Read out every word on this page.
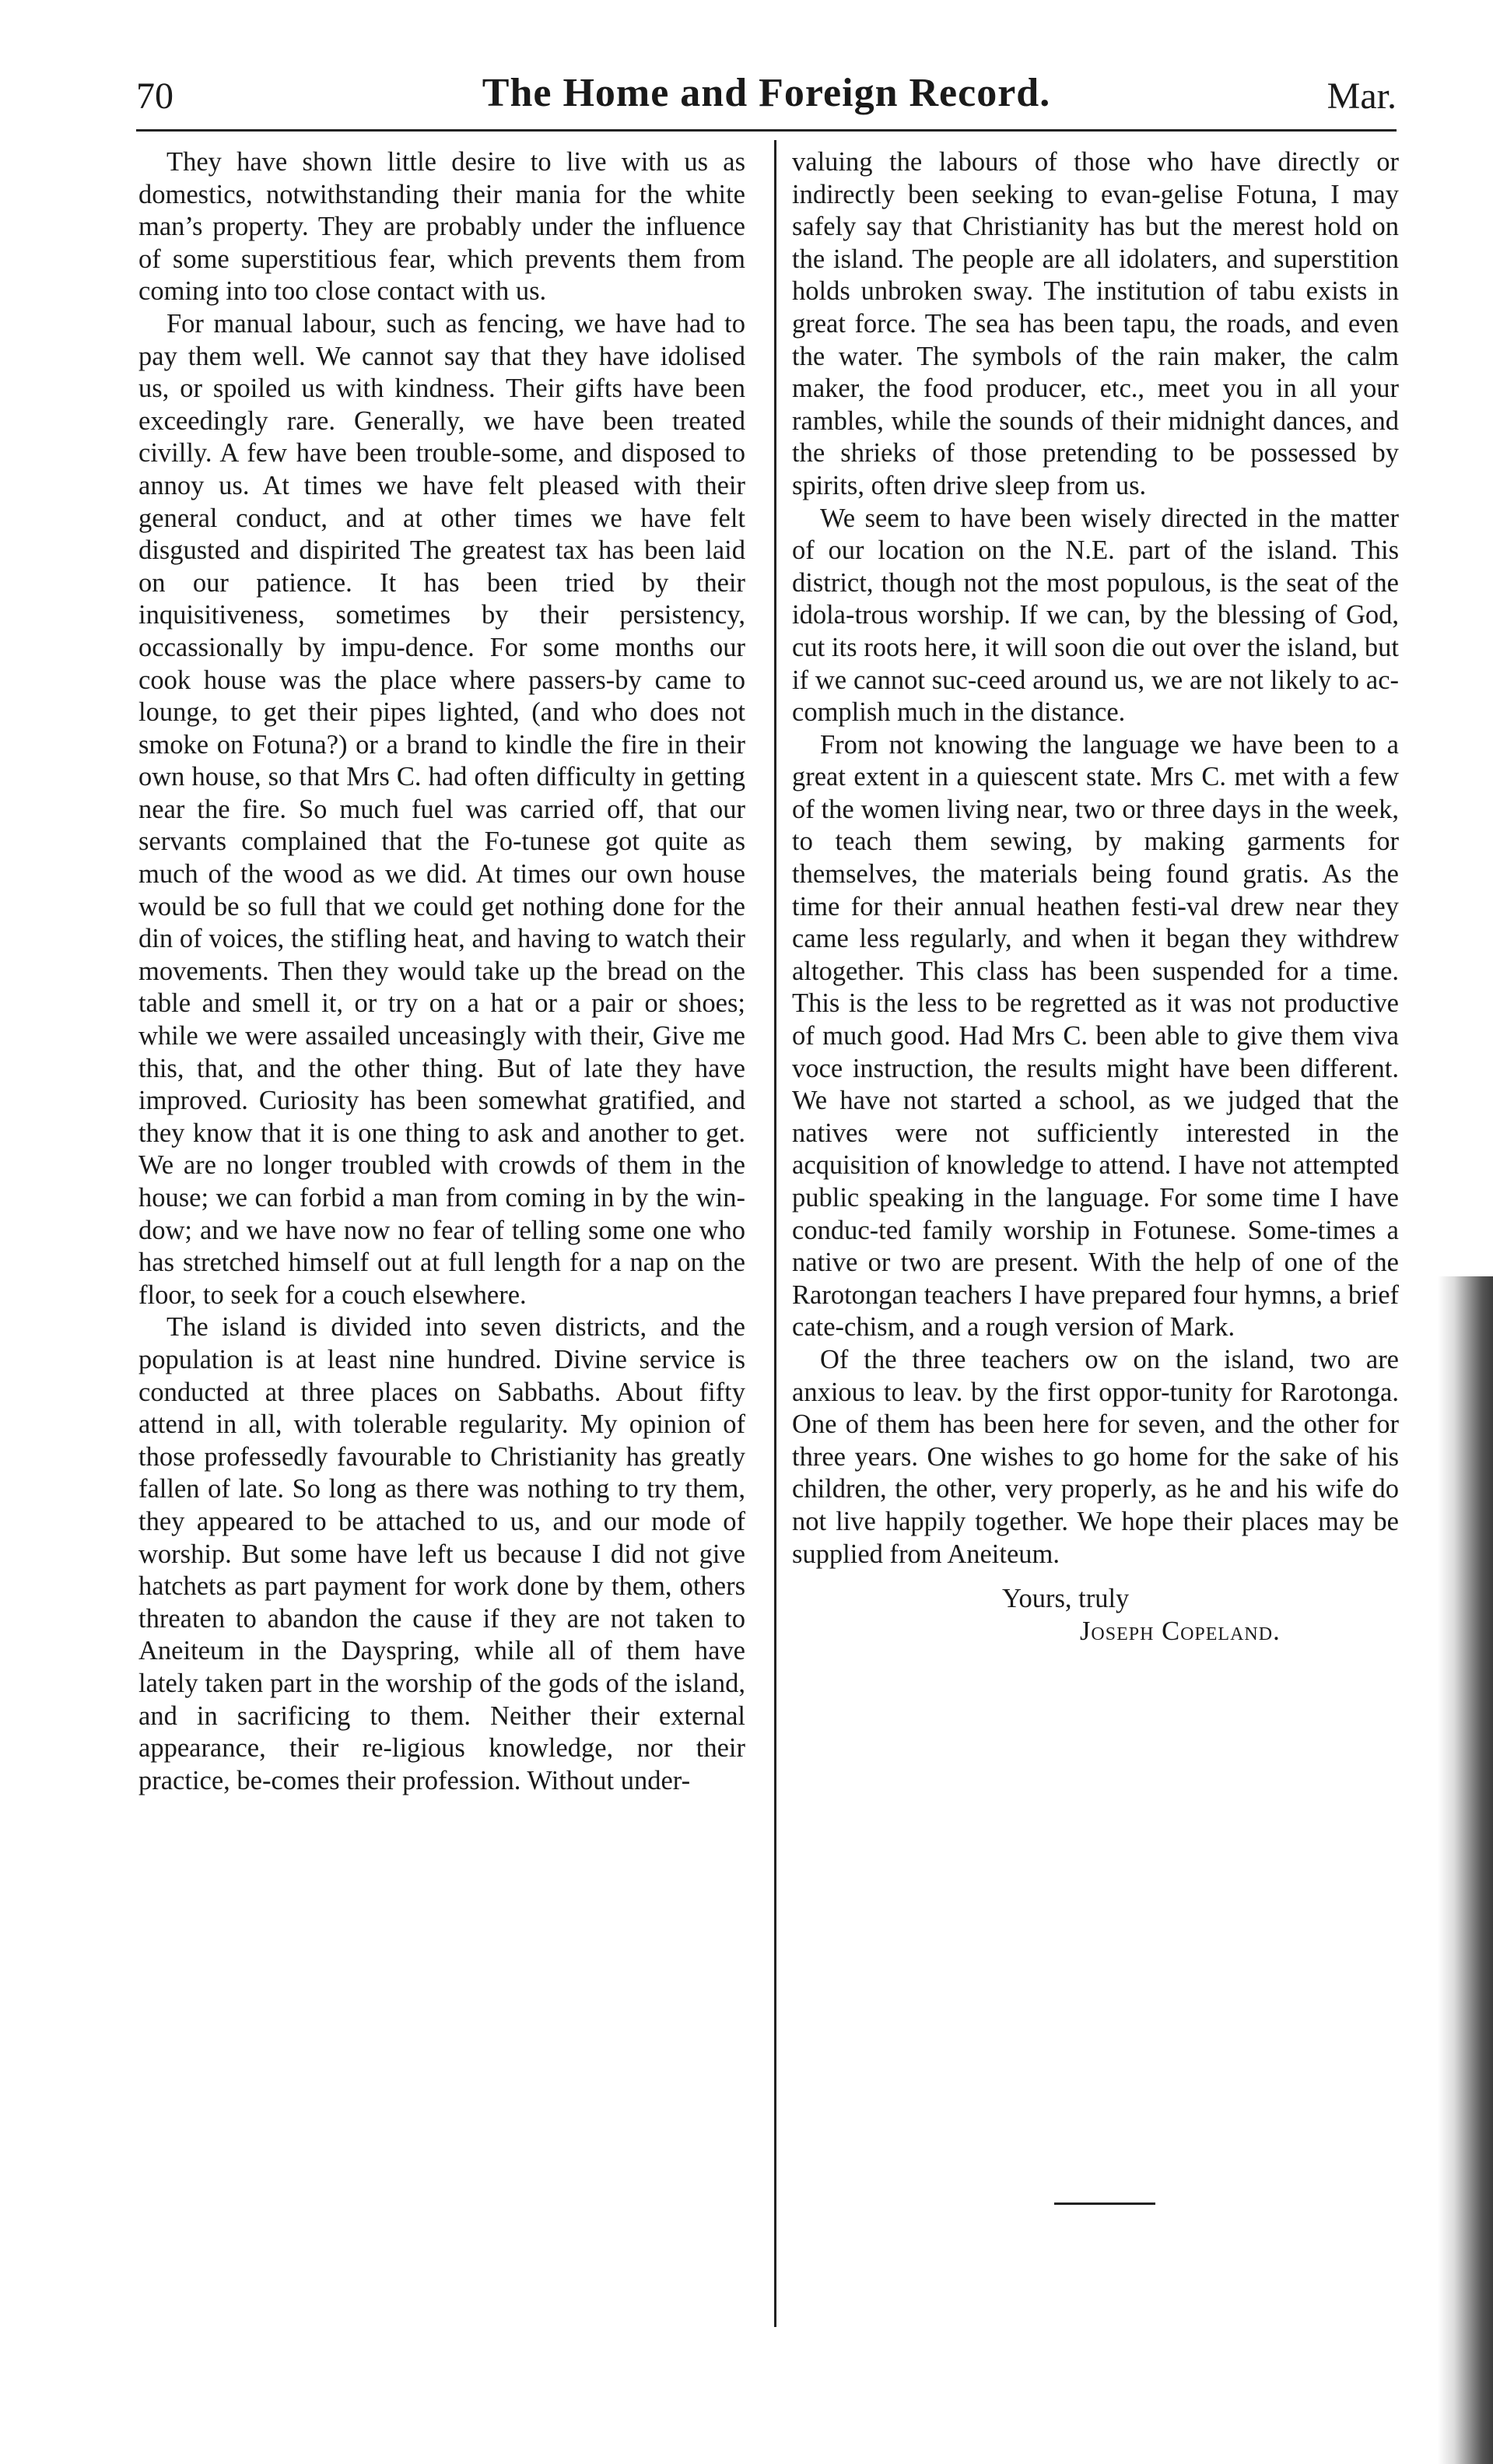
70	The Home and Foreign Record.	Mar.

They have shown little desire to live with us as domestics, notwithstanding their mania for the white man’s property. They are probably under the influence of some superstitious fear, which prevents them from coming into too close contact with us.

For manual labour, such as fencing, we have had to pay them well. We cannot say that they have idolised us, or spoiled us with kindness. Their gifts have been exceedingly rare. Generally, we have been treated civilly. A few have been trouble-some, and disposed to annoy us. At times we have felt pleased with their general conduct, and at other times we have felt disgusted and dispirited The greatest tax has been laid on our patience. It has been tried by their inquisitiveness, sometimes by their persistency, occassionally by impu-dence. For some months our cook house was the place where passers-by came to lounge, to get their pipes lighted, (and who does not smoke on Fotuna?) or a brand to kindle the fire in their own house, so that Mrs C. had often difficulty in getting near the fire. So much fuel was carried off, that our servants complained that the Fo-tunese got quite as much of the wood as we did. At times our own house would be so full that we could get nothing done for the din of voices, the stifling heat, and having to watch their movements. Then they would take up the bread on the table and smell it, or try on a hat or a pair or shoes; while we were assailed unceasingly with their, Give me this, that, and the other thing. But of late they have improved. Curiosity has been somewhat gratified, and they know that it is one thing to ask and another to get. We are no longer troubled with crowds of them in the house; we can forbid a man from coming in by the win-dow; and we have now no fear of telling some one who has stretched himself out at full length for a nap on the floor, to seek for a couch elsewhere.

The island is divided into seven districts, and the population is at least nine hundred. Divine service is conducted at three places on Sabbaths. About fifty attend in all, with tolerable regularity. My opinion of those professedly favourable to Christianity has greatly fallen of late. So long as there was nothing to try them, they appeared to be attached to us, and our mode of worship. But some have left us because I did not give hatchets as part payment for work done by them, others threaten to abandon the cause if they are not taken to Aneiteum in the Dayspring, while all of them have lately taken part in the worship of the gods of the island, and in sacrificing to them. Neither their external appearance, their re-ligious knowledge, nor their practice, be-comes their profession. Without under-

valuing the labours of those who have directly or indirectly been seeking to evan-gelise Fotuna, I may safely say that Christianity has but the merest hold on the island. The people are all idolaters, and superstition holds unbroken sway. The institution of tabu exists in great force. The sea has been tapu, the roads, and even the water. The symbols of the rain maker, the calm maker, the food producer, etc., meet you in all your rambles, while the sounds of their midnight dances, and the shrieks of those pretending to be possessed by spirits, often drive sleep from us.

We seem to have been wisely directed in the matter of our location on the N.E. part of the island. This district, though not the most populous, is the seat of the idola-trous worship. If we can, by the blessing of God, cut its roots here, it will soon die out over the island, but if we cannot suc-ceed around us, we are not likely to ac-complish much in the distance.

From not knowing the language we have been to a great extent in a quiescent state. Mrs C. met with a few of the women living near, two or three days in the week, to teach them sewing, by making garments for themselves, the materials being found gratis. As the time for their annual heathen festi-val drew near they came less regularly, and when it began they withdrew altogether. This class has been suspended for a time. This is the less to be regretted as it was not productive of much good. Had Mrs C. been able to give them viva voce instruction, the results might have been different. We have not started a school, as we judged that the natives were not sufficiently interested in the acquisition of knowledge to attend. I have not attempted public speaking in the language. For some time I have conduc-ted family worship in Fotunese. Some-times a native or two are present. With the help of one of the Rarotongan teachers I have prepared four hymns, a brief cate-chism, and a rough version of Mark.

Of the three teachers ow on the island, two are anxious to leav. by the first oppor-tunity for Rarotonga. One of them has been here for seven, and the other for three years. One wishes to go home for the sake of his children, the other, very properly, as he and his wife do not live happily together. We hope their places may be supplied from Aneiteum.

Yours, truly

Joseph Copeland.
